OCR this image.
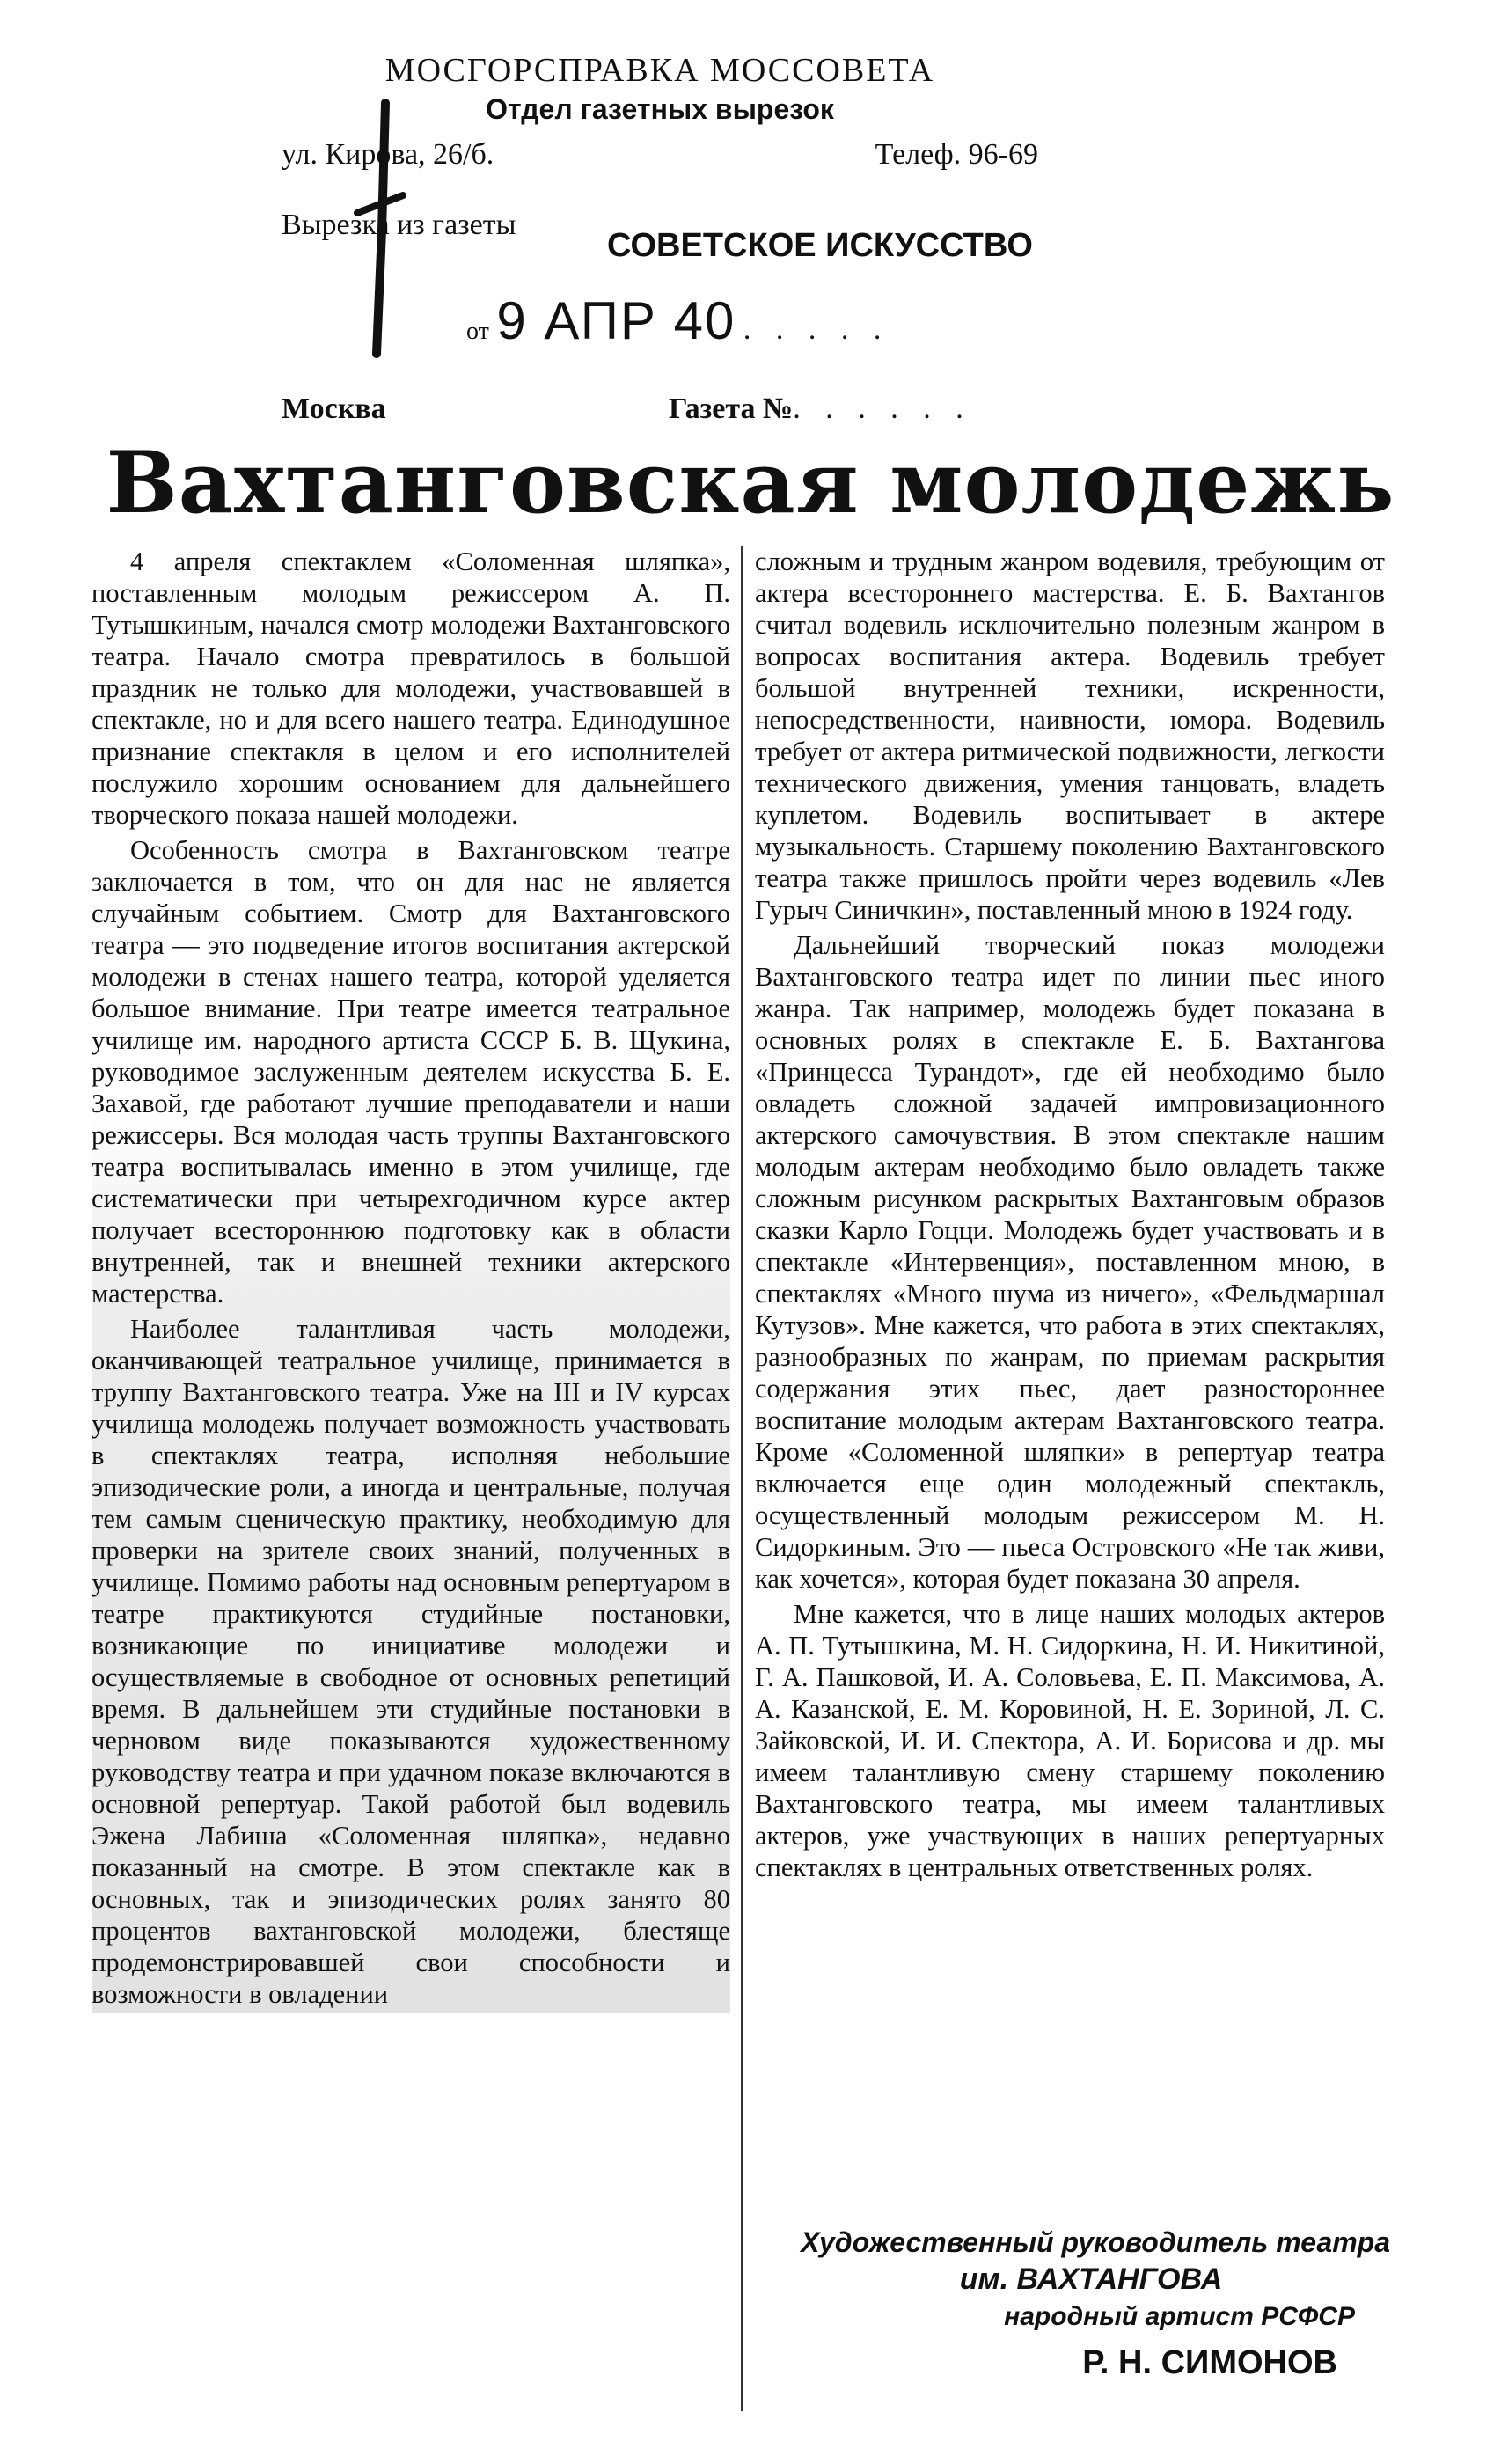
МОСГОРСПРАВКА МОССОВЕТА
Отдел газетных вырезок
ул. Кирова, 26/б.	Телеф. 96-69
Вырезка из газеты
СОВЕТСКОЕ ИСКУССТВО
от 9 АПР 40 . . . . .
Москва	Газета № . . . . . .
Вахтанговская молодежь

4 апреля спектаклем «Соломенная шляпка», поставленным молодым режиссером А. П. Тутышкиным, начался смотр молодежи Вахтанговского театра. Начало смотра превратилось в большой праздник не только для молодежи, участвовавшей в спектакле, но и для всего нашего театра. Единодушное признание спектакля в целом и его исполнителей послужило хорошим основанием для дальнейшего творческого показа нашей молодежи.

Особенность смотра в Вахтанговском театре заключается в том, что он для нас не является случайным событием. Смотр для Вахтанговского театра — это подведение итогов воспитания актерской молодежи в стенах нашего театра, которой уделяется большое внимание. При театре имеется театральное училище им. народного артиста СССР Б. В. Щукина, руководимое заслуженным деятелем искусства Б. Е. Захавой, где работают лучшие преподаватели и наши режиссеры. Вся молодая часть труппы Вахтанговского театра воспитывалась именно в этом училище, где систематически при четырехгодичном курсе актер получает всестороннюю подготовку как в области внутренней, так и внешней техники актерского мастерства.

Наиболее талантливая часть молодежи, оканчивающей театральное училище, принимается в труппу Вахтанговского театра. Уже на III и IV курсах училища молодежь получает возможность участвовать в спектаклях театра, исполняя небольшие эпизодические роли, а иногда и центральные, получая тем самым сценическую практику, необходимую для проверки на зрителе своих знаний, полученных в училище. Помимо работы над основным репертуаром в театре практикуются студийные постановки, возникающие по инициативе молодежи и осуществляемые в свободное от основных репетиций время. В дальнейшем эти студийные постановки в черновом виде показываются художественному руководству театра и при удачном показе включаются в основной репертуар. Такой работой был водевиль Эжена Лабиша «Соломенная шляпка», недавно показанный на смотре. В этом спектакле как в основных, так и эпизодических ролях занято 80 процентов вахтанговской молодежи, блестяще продемонстрировавшей свои способности и возможности в овладении

сложным и трудным жанром водевиля, требующим от актера всестороннего мастерства. Е. Б. Вахтангов считал водевиль исключительно полезным жанром в вопросах воспитания актера. Водевиль требует большой внутренней техники, искренности, непосредственности, наивности, юмора. Водевиль требует от актера ритмической подвижности, легкости технического движения, умения танцовать, владеть куплетом. Водевиль воспитывает в актере музыкальность. Старшему поколению Вахтанговского театра также пришлось пройти через водевиль «Лев Гурыч Синичкин», поставленный мною в 1924 году.

Дальнейший творческий показ молодежи Вахтанговского театра идет по линии пьес иного жанра. Так например, молодежь будет показана в основных ролях в спектакле Е. Б. Вахтангова «Принцесса Турандот», где ей необходимо было овладеть сложной задачей импровизационного актерского самочувствия. В этом спектакле нашим молодым актерам необходимо было овладеть также сложным рисунком раскрытых Вахтанговым образов сказки Карло Гоцци. Молодежь будет участвовать и в спектакле «Интервенция», поставленном мною, в спектаклях «Много шума из ничего», «Фельдмаршал Кутузов». Мне кажется, что работа в этих спектаклях, разнообразных по жанрам, по приемам раскрытия содержания этих пьес, дает разностороннее воспитание молодым актерам Вахтанговского театра. Кроме «Соломенной шляпки» в репертуар театра включается еще один молодежный спектакль, осуществленный молодым режиссером М. Н. Сидоркиным. Это — пьеса Островского «Не так живи, как хочется», которая будет показана 30 апреля.

Мне кажется, что в лице наших молодых актеров А. П. Тутышкина, М. Н. Сидоркина, Н. И. Никитиной, Г. А. Пашковой, И. А. Соловьева, Е. П. Максимова, А. А. Казанской, Е. М. Коровиной, Н. Е. Зориной, Л. С. Зайковской, И. И. Спектора, А. И. Борисова и др. мы имеем талантливую смену старшему поколению Вахтанговского театра, мы имеем талантливых актеров, уже участвующих в наших репертуарных спектаклях в центральных ответственных ролях.

Художественный руководитель театра
им. ВАХТАНГОВА
народный артист РСФСР
Р. Н. СИМОНОВ
